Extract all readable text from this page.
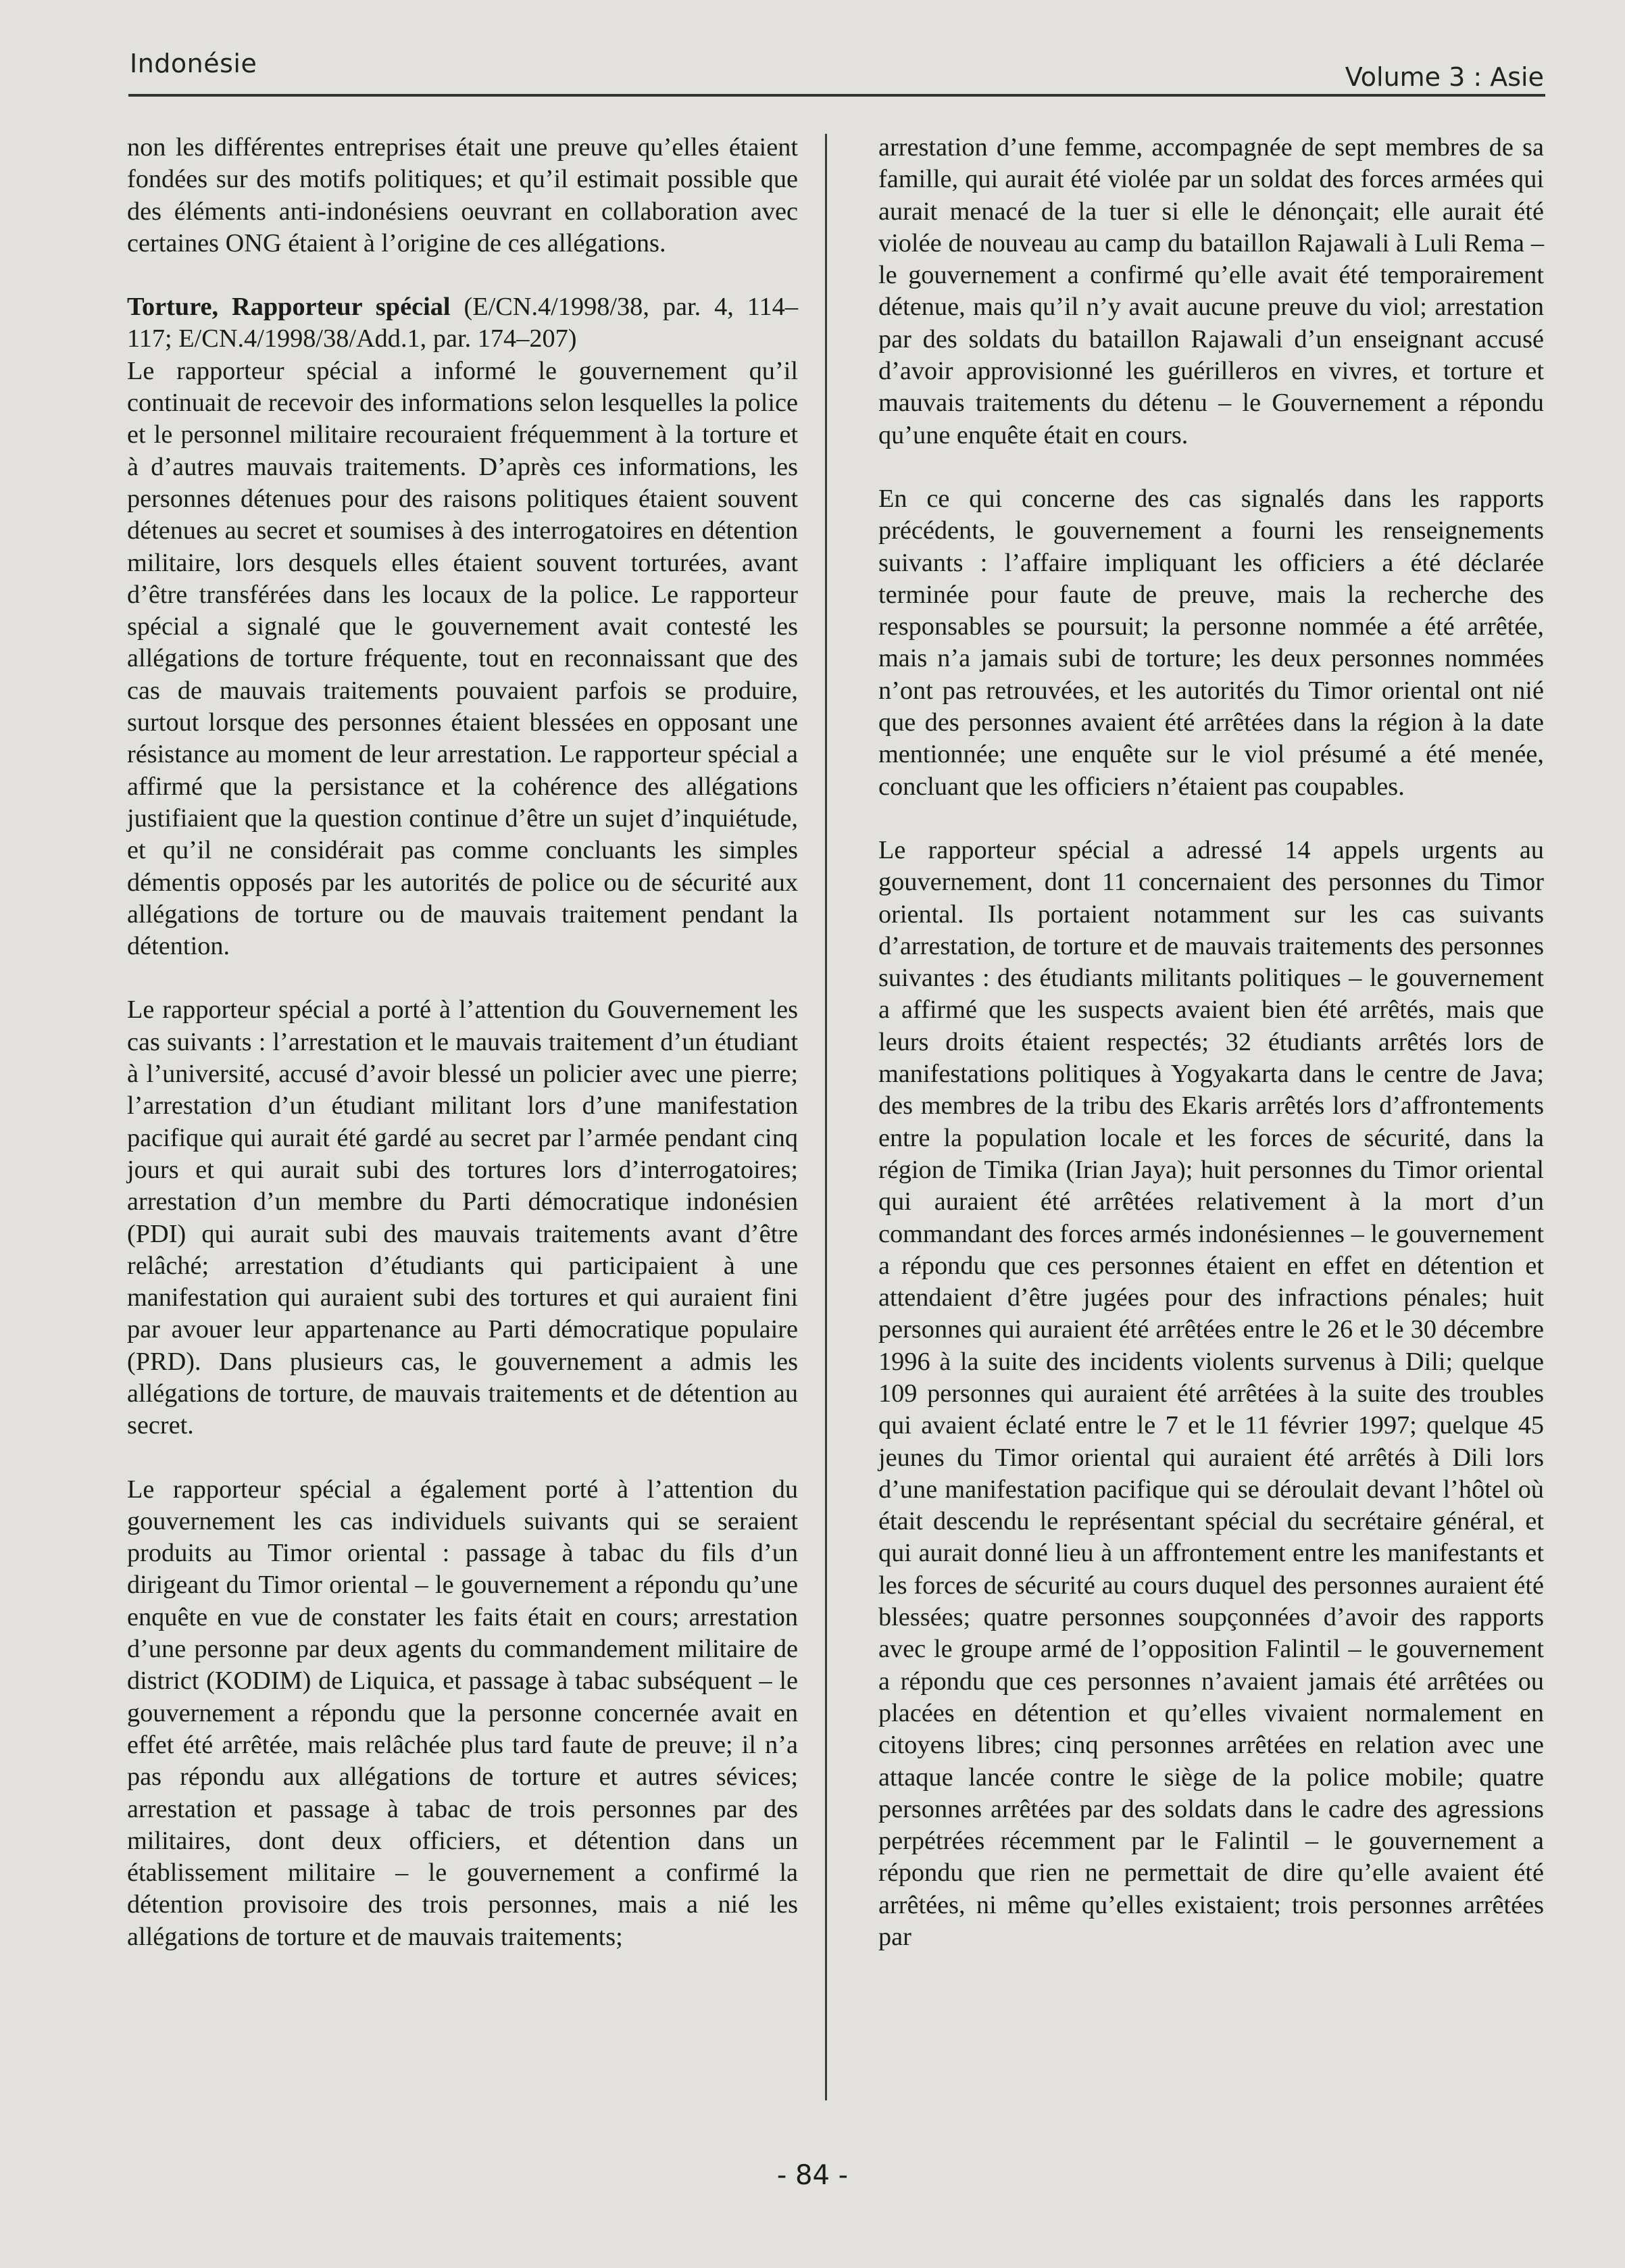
Indonésie	Volume 3 : Asie

non les différentes entreprises était une preuve qu’elles étaient fondées sur des motifs politiques; et qu’il estimait possible que des éléments anti-indonésiens oeuvrant en collaboration avec certaines ONG étaient à l’origine de ces allégations.

Torture, Rapporteur spécial (E/CN.4/1998/38, par. 4, 114–117; E/CN.4/1998/38/Add.1, par. 174–207)

Le rapporteur spécial a informé le gouvernement qu’il continuait de recevoir des informations selon lesquelles la police et le personnel militaire recouraient fréquemment à la torture et à d’autres mauvais traitements. D’après ces informations, les personnes détenues pour des raisons politiques étaient souvent détenues au secret et soumises à des interrogatoires en détention militaire, lors desquels elles étaient souvent torturées, avant d’être transférées dans les locaux de la police. Le rapporteur spécial a signalé que le gouvernement avait contesté les allégations de torture fréquente, tout en reconnaissant que des cas de mauvais traitements pouvaient parfois se produire, surtout lorsque des personnes étaient blessées en opposant une résistance au moment de leur arrestation. Le rapporteur spécial a affirmé que la persistance et la cohérence des allégations justifiaient que la question continue d’être un sujet d’inquiétude, et qu’il ne considérait pas comme concluants les simples démentis opposés par les autorités de police ou de sécurité aux allégations de torture ou de mauvais traitement pendant la détention.

Le rapporteur spécial a porté à l’attention du Gouvernement les cas suivants : l’arrestation et le mauvais traitement d’un étudiant à l’université, accusé d’avoir blessé un policier avec une pierre; l’arrestation d’un étudiant militant lors d’une manifestation pacifique qui aurait été gardé au secret par l’armée pendant cinq jours et qui aurait subi des tortures lors d’interrogatoires; arrestation d’un membre du Parti démocratique indonésien (PDI) qui aurait subi des mauvais traitements avant d’être relâché; arrestation d’étudiants qui participaient à une manifestation qui auraient subi des tortures et qui auraient fini par avouer leur appartenance au Parti démocratique populaire (PRD). Dans plusieurs cas, le gouvernement a admis les allégations de torture, de mauvais traitements et de détention au secret.

Le rapporteur spécial a également porté à l’attention du gouvernement les cas individuels suivants qui se seraient produits au Timor oriental : passage à tabac du fils d’un dirigeant du Timor oriental – le gouvernement a répondu qu’une enquête en vue de constater les faits était en cours; arrestation d’une personne par deux agents du commandement militaire de district (KODIM) de Liquica, et passage à tabac subséquent – le gouvernement a répondu que la personne concernée avait en effet été arrêtée, mais relâchée plus tard faute de preuve; il n’a pas répondu aux allégations de torture et autres sévices; arrestation et passage à tabac de trois personnes par des militaires, dont deux officiers, et détention dans un établissement militaire – le gouvernement a confirmé la détention provisoire des trois personnes, mais a nié les allégations de torture et de mauvais traitements;

arrestation d’une femme, accompagnée de sept membres de sa famille, qui aurait été violée par un soldat des forces armées qui aurait menacé de la tuer si elle le dénonçait; elle aurait été violée de nouveau au camp du bataillon Rajawali à Luli Rema – le gouvernement a confirmé qu’elle avait été temporairement détenue, mais qu’il n’y avait aucune preuve du viol; arrestation par des soldats du bataillon Rajawali d’un enseignant accusé d’avoir approvisionné les guérilleros en vivres, et torture et mauvais traitements du détenu – le Gouvernement a répondu qu’une enquête était en cours.

En ce qui concerne des cas signalés dans les rapports précédents, le gouvernement a fourni les renseignements suivants : l’affaire impliquant les officiers a été déclarée terminée pour faute de preuve, mais la recherche des responsables se poursuit; la personne nommée a été arrêtée, mais n’a jamais subi de torture; les deux personnes nommées n’ont pas retrouvées, et les autorités du Timor oriental ont nié que des personnes avaient été arrêtées dans la région à la date mentionnée; une enquête sur le viol présumé a été menée, concluant que les officiers n’étaient pas coupables.

Le rapporteur spécial a adressé 14 appels urgents au gouvernement, dont 11 concernaient des personnes du Timor oriental. Ils portaient notamment sur les cas suivants d’arrestation, de torture et de mauvais traitements des personnes suivantes : des étudiants militants politiques – le gouvernement a affirmé que les suspects avaient bien été arrêtés, mais que leurs droits étaient respectés; 32 étudiants arrêtés lors de manifestations politiques à Yogyakarta dans le centre de Java; des membres de la tribu des Ekaris arrêtés lors d’affrontements entre la population locale et les forces de sécurité, dans la région de Timika (Irian Jaya); huit personnes du Timor oriental qui auraient été arrêtées relativement à la mort d’un commandant des forces armés indonésiennes – le gouvernement a répondu que ces personnes étaient en effet en détention et attendaient d’être jugées pour des infractions pénales; huit personnes qui auraient été arrêtées entre le 26 et le 30 décembre 1996 à la suite des incidents violents survenus à Dili; quelque 109 personnes qui auraient été arrêtées à la suite des troubles qui avaient éclaté entre le 7 et le 11 février 1997; quelque 45 jeunes du Timor oriental qui auraient été arrêtés à Dili lors d’une manifestation pacifique qui se déroulait devant l’hôtel où était descendu le représentant spécial du secrétaire général, et qui aurait donné lieu à un affrontement entre les manifestants et les forces de sécurité au cours duquel des personnes auraient été blessées; quatre personnes soupçonnées d’avoir des rapports avec le groupe armé de l’opposition Falintil – le gouvernement a répondu que ces personnes n’avaient jamais été arrêtées ou placées en détention et qu’elles vivaient normalement en citoyens libres; cinq personnes arrêtées en relation avec une attaque lancée contre le siège de la police mobile; quatre personnes arrêtées par des soldats dans le cadre des agressions perpétrées récemment par le Falintil – le gouvernement a répondu que rien ne permettait de dire qu’elle avaient été arrêtées, ni même qu’elles existaient; trois personnes arrêtées par

- 84 -
